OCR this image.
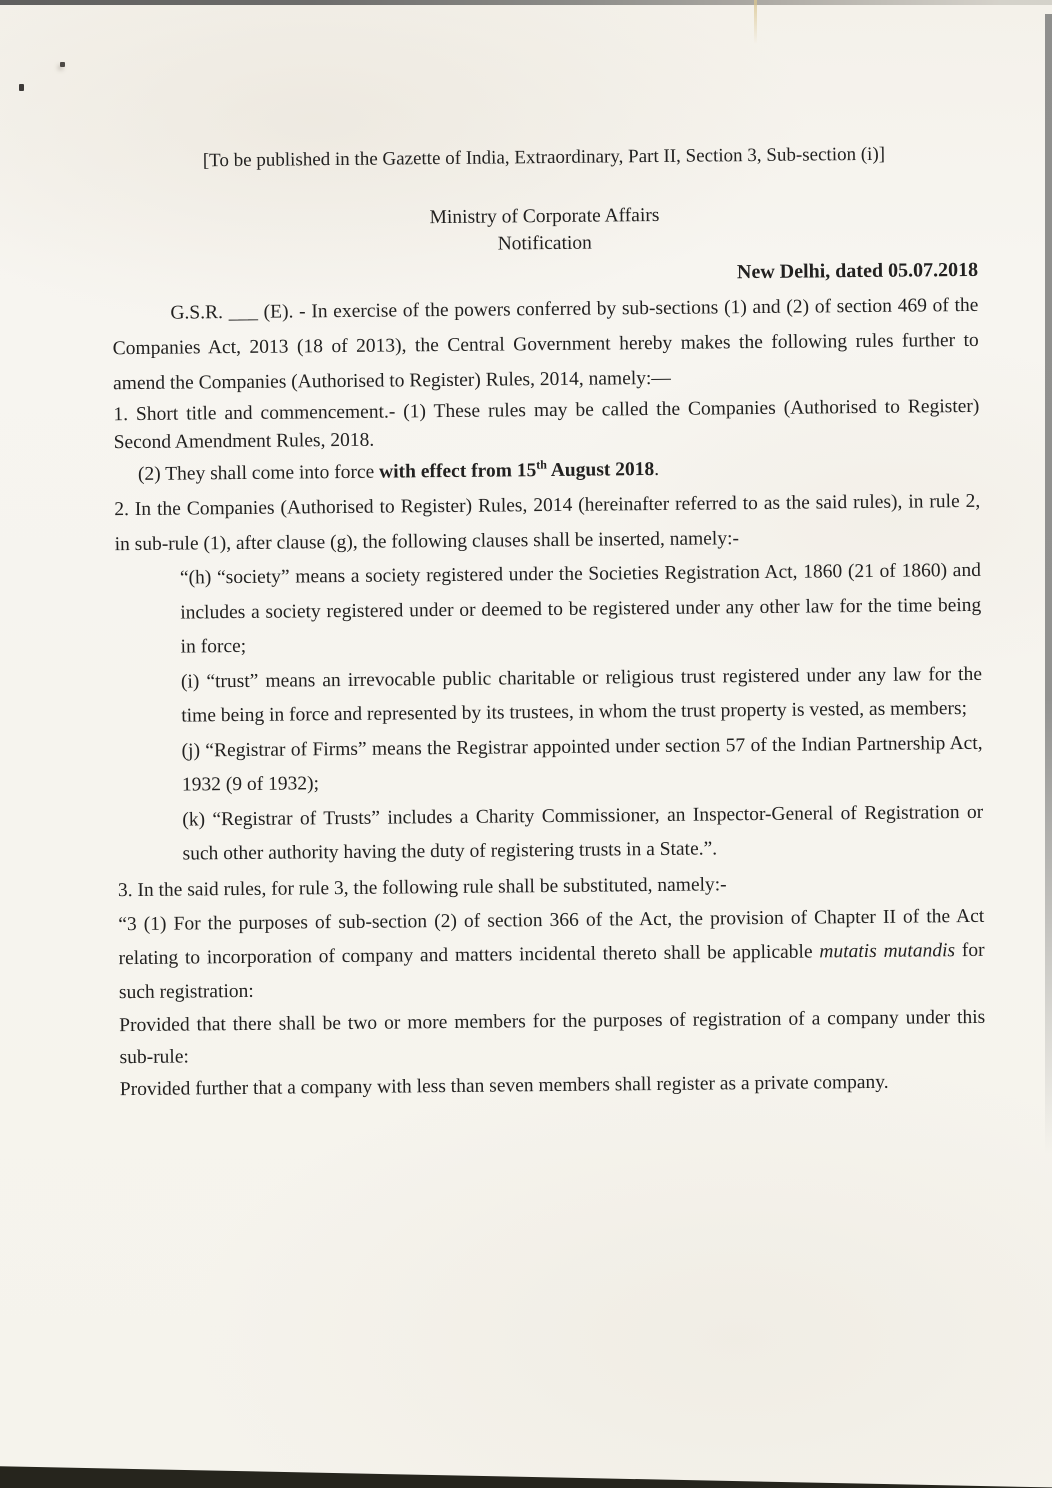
[To be published in the Gazette of India, Extraordinary, Part II, Section 3, Sub-section (i)]

Ministry of Corporate Affairs

Notification

New Delhi, dated 05.07.2018

G.S.R. ___ (E). - In exercise of the powers conferred by sub-sections (1) and (2) of section 469 of the Companies Act, 2013 (18 of 2013), the Central Government hereby makes the following rules further to amend the Companies (Authorised to Register) Rules, 2014, namely:—

1. Short title and commencement.- (1) These rules may be called the Companies (Authorised to Register) Second Amendment Rules, 2018.

(2) They shall come into force with effect from 15th August 2018.

2. In the Companies (Authorised to Register) Rules, 2014 (hereinafter referred to as the said rules), in rule 2, in sub-rule (1), after clause (g), the following clauses shall be inserted, namely:-

“(h) “society” means a society registered under the Societies Registration Act, 1860 (21 of 1860) and includes a society registered under or deemed to be registered under any other law for the time being in force;

(i) “trust” means an irrevocable public charitable or religious trust registered under any law for the time being in force and represented by its trustees, in whom the trust property is vested, as members;

(j) “Registrar of Firms” means the Registrar appointed under section 57 of the Indian Partnership Act, 1932 (9 of 1932);

(k) “Registrar of Trusts” includes a Charity Commissioner, an Inspector-General of Registration or such other authority having the duty of registering trusts in a State.”.

3. In the said rules, for rule 3, the following rule shall be substituted, namely:-

“3 (1) For the purposes of sub-section (2) of section 366 of the Act, the provision of Chapter II of the Act relating to incorporation of company and matters incidental thereto shall be applicable mutatis mutandis for such registration:

Provided that there shall be two or more members for the purposes of registration of a company under this sub-rule:

Provided further that a company with less than seven members shall register as a private company.
